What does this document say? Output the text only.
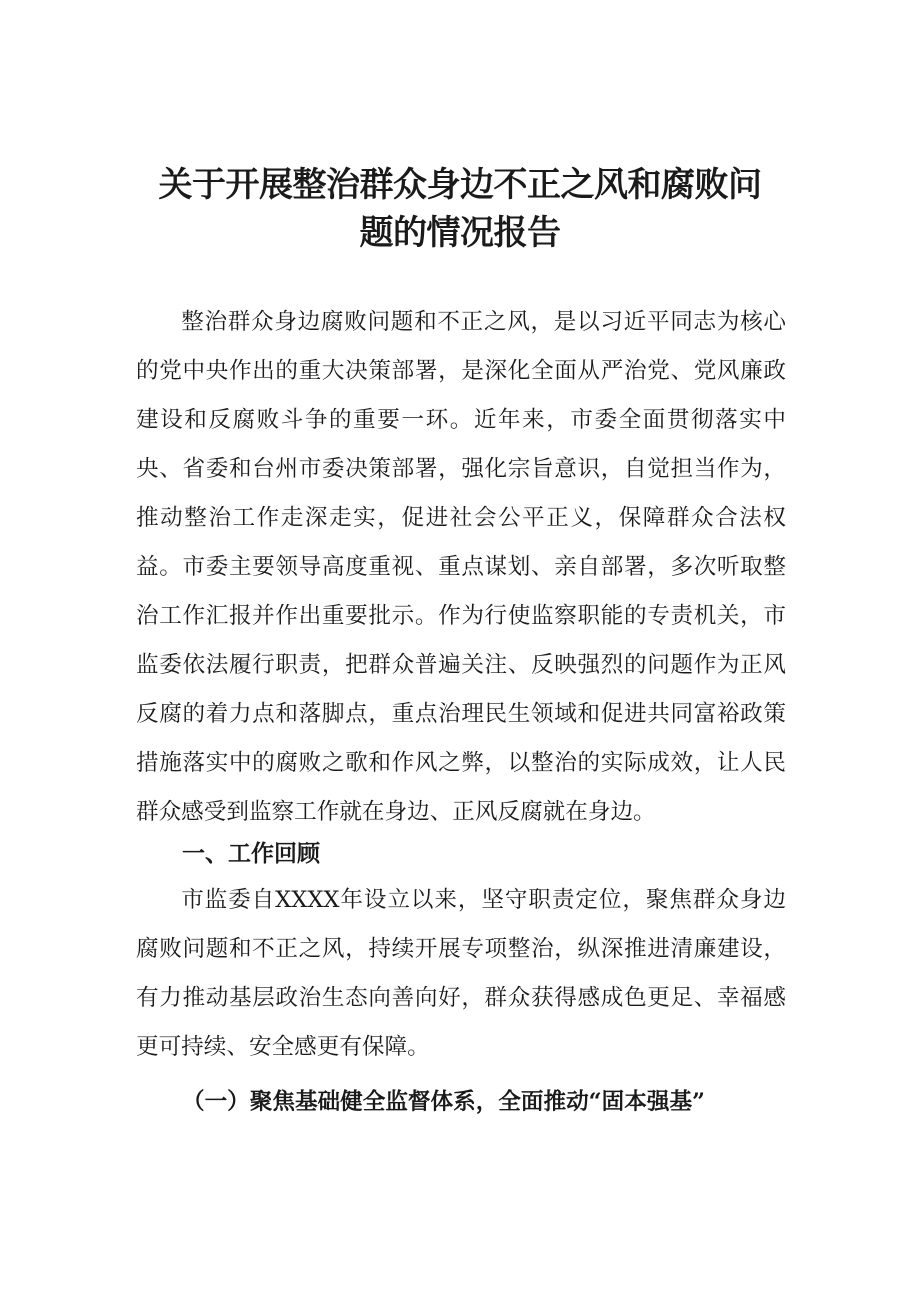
关于开展整治群众身边不正之风和腐败问
题的情况报告

整治群众身边腐败问题和不正之风，是以习近平同志为核心的党中央作出的重大决策部署，是深化全面从严治党、党风廉政建设和反腐败斗争的重要一环。近年来，市委全面贯彻落实中央、省委和台州市委决策部署，强化宗旨意识，自觉担当作为，推动整治工作走深走实，促进社会公平正义，保障群众合法权益。市委主要领导高度重视、重点谋划、亲自部署，多次听取整治工作汇报并作出重要批示。作为行使监察职能的专责机关，市监委依法履行职责，把群众普遍关注、反映强烈的问题作为正风反腐的着力点和落脚点，重点治理民生领域和促进共同富裕政策措施落实中的腐败之歌和作风之弊，以整治的实际成效，让人民群众感受到监察工作就在身边、正风反腐就在身边。

一、工作回顾

市监委自XXXX年设立以来，坚守职责定位，聚焦群众身边腐败问题和不正之风，持续开展专项整治，纵深推进清廉建设，有力推动基层政治生态向善向好，群众获得感成色更足、幸福感更可持续、安全感更有保障。

（一）聚焦基础健全监督体系，全面推动“固本强基”
